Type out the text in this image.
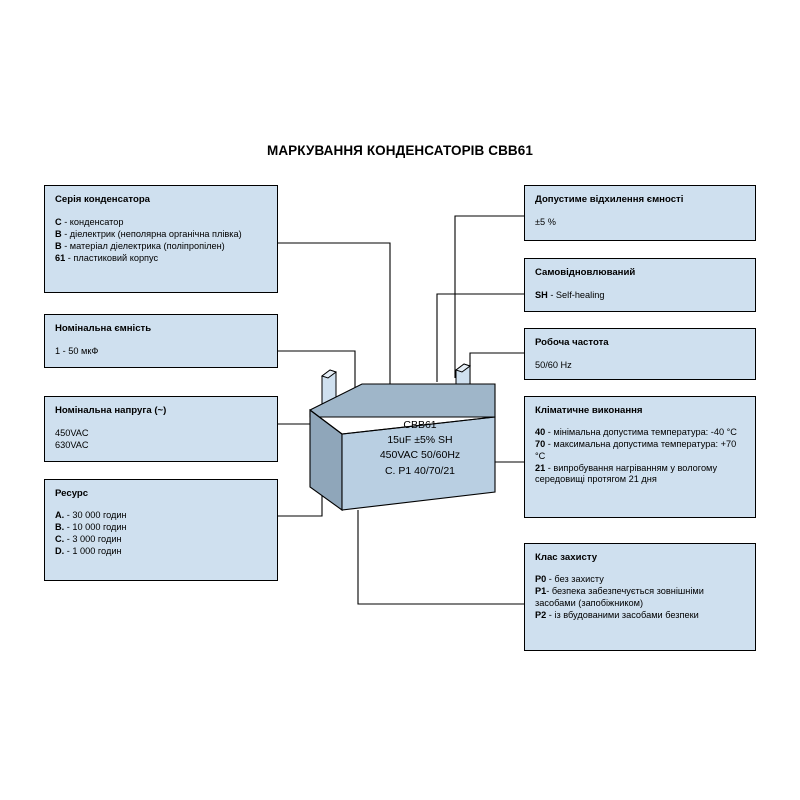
МАРКУВАННЯ КОНДЕНСАТОРІВ CBB61
CBB61
15uF ±5% SH
450VAC 50/60Hz
C. P1 40/70/21
Серія конденсатора
C - конденсатор
B - діелектрик (неполярна органічна плівка)
B - матеріал діелектрика (поліпропілен)
61 - пластиковий корпус
Номінальна ємність
1 - 50 мкФ
Номінальна напруга (~)
450VAC
630VAC
Ресурс
A. - 30 000 годин
B. - 10 000 годин
C. - 3 000 годин
D. - 1 000 годин
Допустиме відхилення ємності
±5 %
Самовідновлюваний
SH - Self-healing
Робоча частота
50/60 Hz
Кліматичне виконання
40 - мінімальна допустима температура: -40 °C
70 - максимальна допустима температура: +70 °C
21 - випробування нагріванням у вологому середовищі протягом 21 дня
Клас захисту
P0 - без захисту
P1- безпека забезпечується зовнішніми засобами (запобіжником)
P2 - із вбудованими засобами безпеки
